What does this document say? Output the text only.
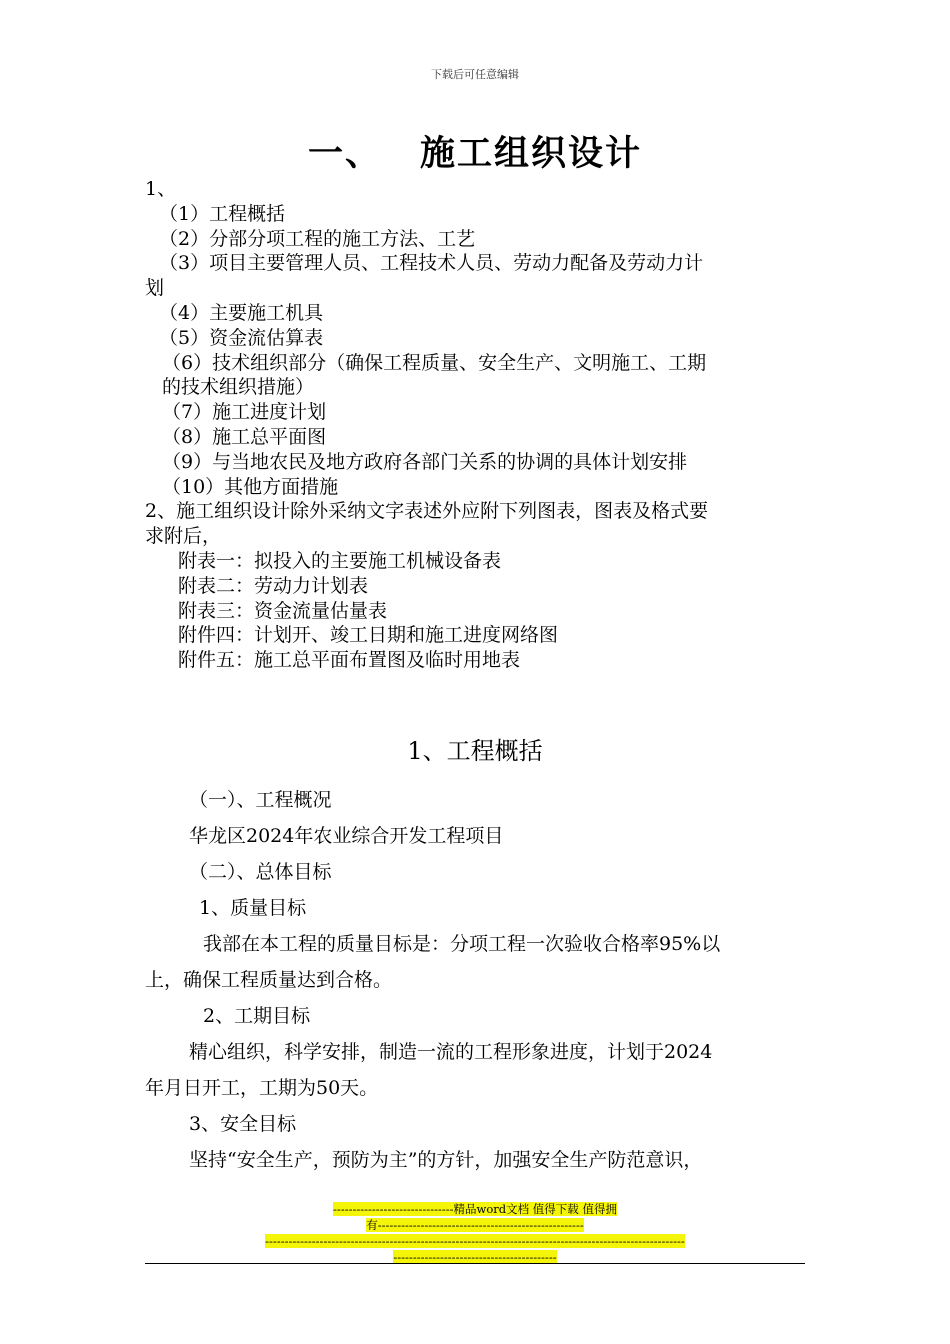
下载后可任意编辑
一、 施工组织设计
1、
（1）工程概括
（2）分部分项工程的施工方法、工艺
（3）项目主要管理人员、工程技术人员、劳动力配备及劳动力计
划
（4）主要施工机具
（5）资金流估算表
（6）技术组织部分（确保工程质量、安全生产、文明施工、工期
的技术组织措施）
（7）施工进度计划
（8）施工总平面图
（9）与当地农民及地方政府各部门关系的协调的具体计划安排
（10）其他方面措施
2、施工组织设计除外采纳文字表述外应附下列图表，图表及格式要
求附后，
附表一：拟投入的主要施工机械设备表
附表二：劳动力计划表
附表三：资金流量估量表
附件四：计划开、竣工日期和施工进度网络图
附件五：施工总平面布置图及临时用地表
1、工程概括
（一）、工程概况
华龙区2024年农业综合开发工程项目
（二）、总体目标
1、质量目标
我部在本工程的质量目标是：分项工程一次验收合格率95%以
上，确保工程质量达到合格。
2、工期目标
精心组织，科学安排，制造一流的工程形象进度，计划于2024
年月日开工，工期为50天。
3、安全目标
坚持“安全生产，预防为主”的方针，加强安全生产防范意识，
-------------------------------精品word文档 值得下载 值得拥
有-----------------------------------------------------
------------------------------------------------------------------------------------------------------------
------------------------------------------
